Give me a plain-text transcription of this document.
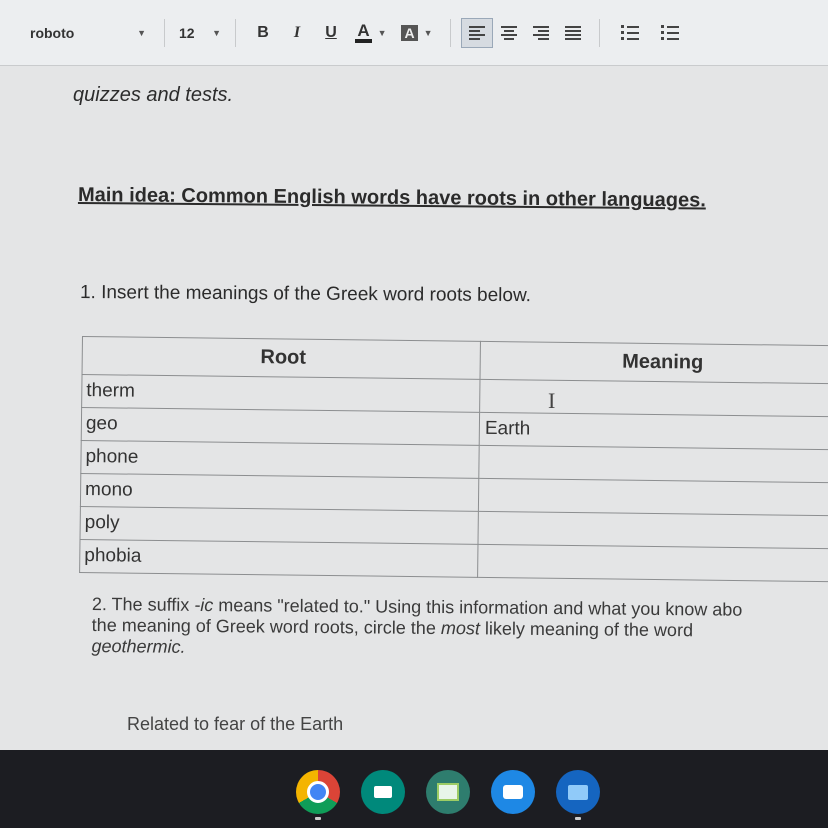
roboto	▼ 12 ▼	B	I	U	A ▼ A	▼
quizzes and tests.
Main idea: Common English words have roots in other languages.
1. Insert the meanings of the Greek word roots below.
Root	Meaning
therm	
geo	Earth
phone	
mono	
poly	
phobia	
I
2. The suffix -ic means "related to." Using this information and what you know abo
the meaning of Greek word roots, circle the most likely meaning of the word
geothermic.
Related to fear of the Earth
